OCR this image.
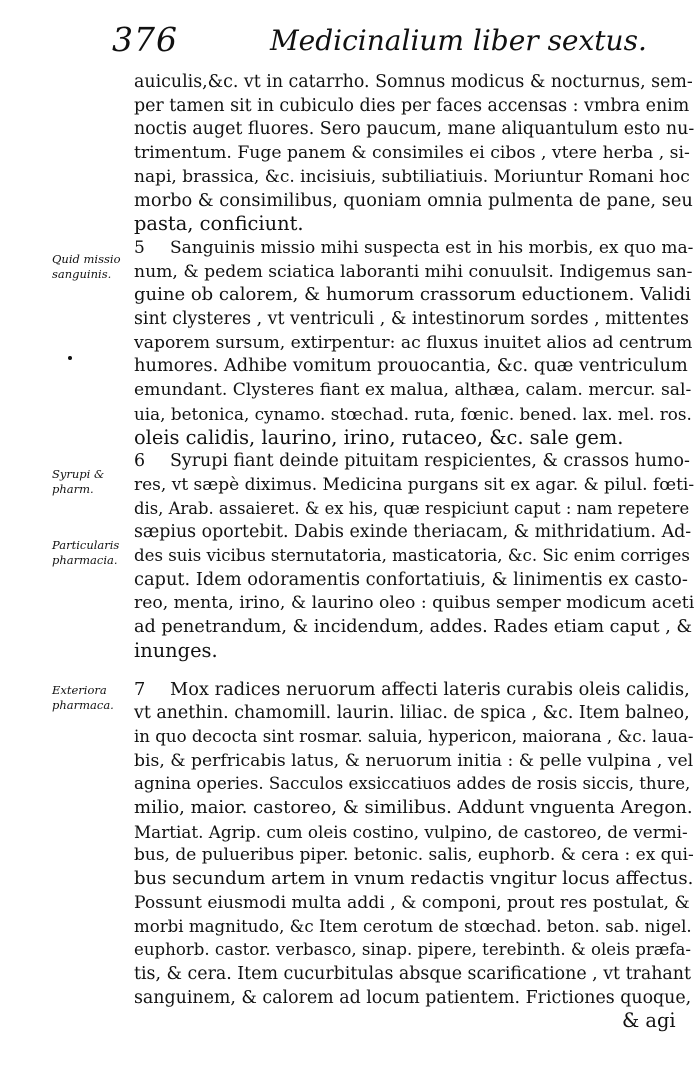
376	Medicinalium liber sextus.
Quid missio
sanguinis.
Syrupi &
pharm.
Particularis
pharmacia.
Exteriora
pharmaca.
auiculis,&c. vt in catarrho. Somnus modicus & nocturnus, sem-
per tamen sit in cubiculo dies per faces accensas : vmbra enim
noctis auget fluores. Sero paucum, mane aliquantulum esto nu-
trimentum. Fuge panem & consimiles ei cibos , vtere herba , si-
napi, brassica, &c. incisiuis, subtiliatiuis. Moriuntur Romani hoc
morbo & consimilibus, quoniam omnia pulmenta de pane, seu
pasta, conficiunt.
5 Sanguinis missio mihi suspecta est in his morbis, ex quo ma-
num, & pedem sciatica laboranti mihi conuulsit. Indigemus san-
guine ob calorem, & humorum crassorum eductionem. Validi
sint clysteres , vt ventriculi , & intestinorum sordes , mittentes
vaporem sursum, extirpentur: ac fluxus inuitet alios ad centrum
humores. Adhibe vomitum prouocantia, &c. quæ ventriculum
emundant. Clysteres fiant ex malua, althæa, calam. mercur. sal-
uia, betonica, cynamo. stœchad. ruta, fœnic. bened. lax. mel. ros.
oleis calidis, laurino, irino, rutaceo, &c. sale gem.
6 Syrupi fiant deinde pituitam respicientes, & crassos humo-
res, vt sæpè diximus. Medicina purgans sit ex agar. & pilul. fœti-
dis, Arab. assaieret. & ex his, quæ respiciunt caput : nam repetere
sæpius oportebit. Dabis exinde theriacam, & mithridatium. Ad-
des suis vicibus sternutatoria, masticatoria, &c. Sic enim corriges
caput. Idem odoramentis confortatiuis, & linimentis ex casto-
reo, menta, irino, & laurino oleo : quibus semper modicum aceti
ad penetrandum, & incidendum, addes. Rades etiam caput , &
inunges.
7 Mox radices neruorum affecti lateris curabis oleis calidis,
vt anethin. chamomill. laurin. liliac. de spica , &c. Item balneo,
in quo decocta sint rosmar. saluia, hypericon, maiorana , &c. laua-
bis, & perfricabis latus, & neruorum initia : & pelle vulpina , vel
agnina operies. Sacculos exsiccatiuos addes de rosis siccis, thure,
milio, maior. castoreo, & similibus. Addunt vnguenta Aregon.
Martiat. Agrip. cum oleis costino, vulpino, de castoreo, de vermi-
bus, de pulueribus piper. betonic. salis, euphorb. & cera : ex qui-
bus secundum artem in vnum redactis vngitur locus affectus.
Possunt eiusmodi multa addi , & componi, prout res postulat, &
morbi magnitudo, &c Item cerotum de stœchad. beton. sab. nigel.
euphorb. castor. verbasco, sinap. pipere, terebinth. & oleis præfa-
tis, & cera. Item cucurbitulas absque scarificatione , vt trahant
sanguinem, & calorem ad locum patientem. Frictiones quoque,
& agi
